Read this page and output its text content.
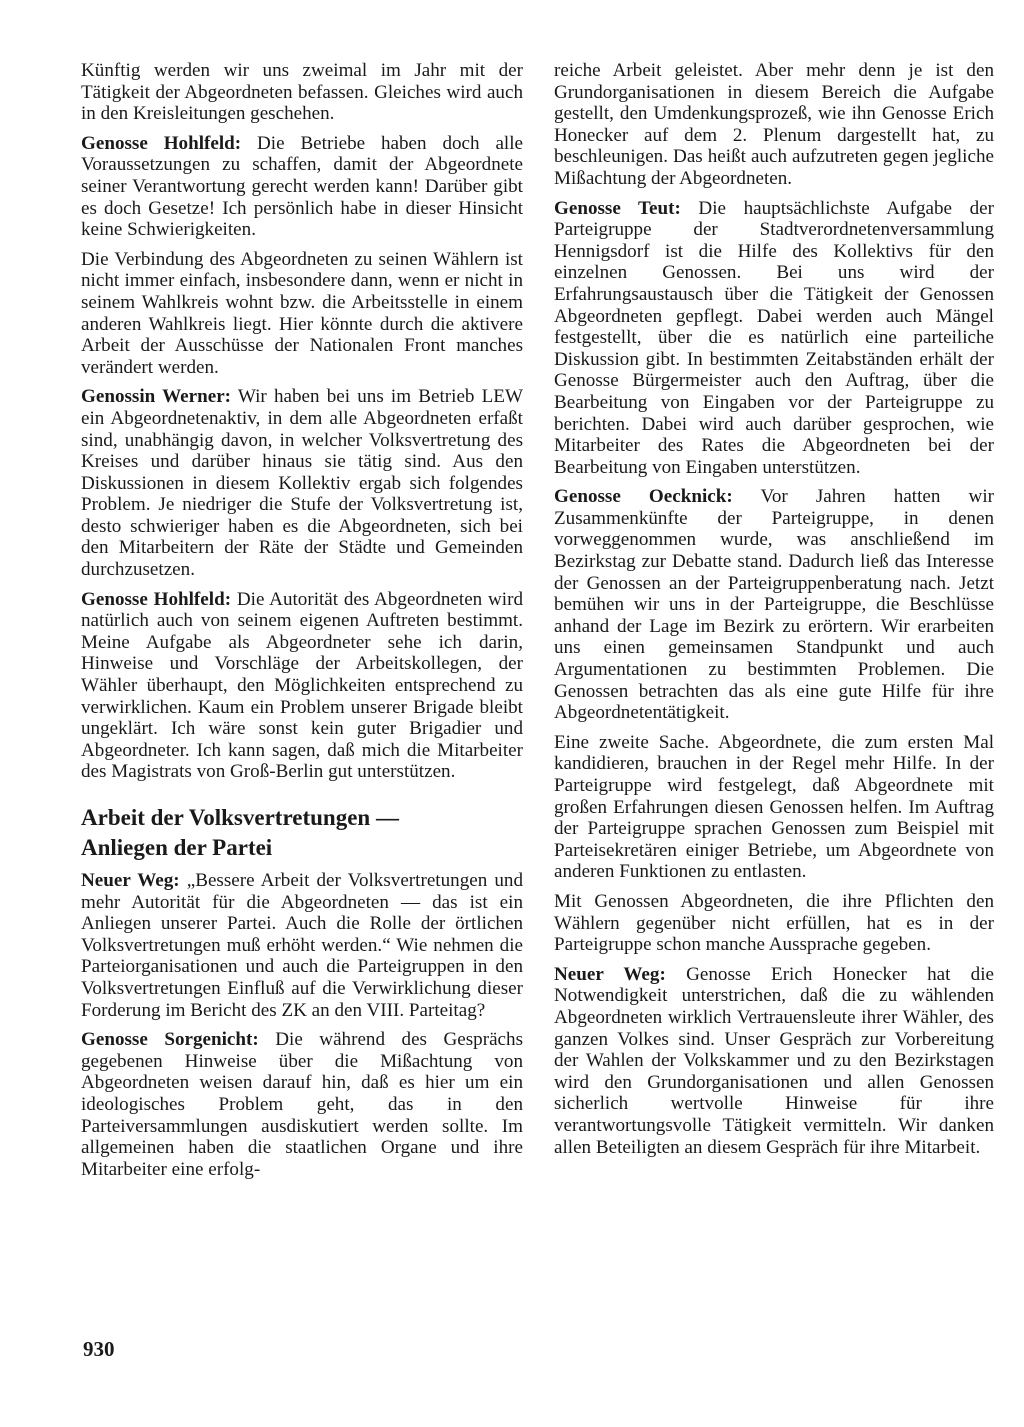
Künftig werden wir uns zweimal im Jahr mit der Tätigkeit der Abgeordneten befassen. Gleiches wird auch in den Kreisleitungen geschehen.

Genosse Hohlfeld: Die Betriebe haben doch alle Voraussetzungen zu schaffen, damit der Abgeordnete seiner Verantwortung gerecht werden kann! Darüber gibt es doch Gesetze! Ich persönlich habe in dieser Hinsicht keine Schwierigkeiten.

Die Verbindung des Abgeordneten zu seinen Wählern ist nicht immer einfach, insbesondere dann, wenn er nicht in seinem Wahlkreis wohnt bzw. die Arbeitsstelle in einem anderen Wahlkreis liegt. Hier könnte durch die aktivere Arbeit der Ausschüsse der Nationalen Front manches verändert werden.

Genossin Werner: Wir haben bei uns im Betrieb LEW ein Abgeordnetenaktiv, in dem alle Abgeordneten erfaßt sind, unabhängig davon, in welcher Volksvertretung des Kreises und darüber hinaus sie tätig sind. Aus den Diskussionen in diesem Kollektiv ergab sich folgendes Problem. Je niedriger die Stufe der Volksvertretung ist, desto schwieriger haben es die Abgeordneten, sich bei den Mitarbeitern der Räte der Städte und Gemeinden durchzusetzen.

Genosse Hohlfeld: Die Autorität des Abgeordneten wird natürlich auch von seinem eigenen Auftreten bestimmt. Meine Aufgabe als Abgeordneter sehe ich darin, Hinweise und Vorschläge der Arbeitskollegen, der Wähler überhaupt, den Möglichkeiten entsprechend zu verwirklichen. Kaum ein Problem unserer Brigade bleibt ungeklärt. Ich wäre sonst kein guter Brigadier und Abgeordneter. Ich kann sagen, daß mich die Mitarbeiter des Magistrats von Groß-Berlin gut unterstützen.

Arbeit der Volksvertretungen —
Anliegen der Partei

Neuer Weg: „Bessere Arbeit der Volksvertretungen und mehr Autorität für die Abgeordneten — das ist ein Anliegen unserer Partei. Auch die Rolle der örtlichen Volksvertretungen muß erhöht werden.“ Wie nehmen die Parteiorganisationen und auch die Parteigruppen in den Volksvertretungen Einfluß auf die Verwirklichung dieser Forderung im Bericht des ZK an den VIII. Parteitag?

Genosse Sorgenicht: Die während des Gesprächs gegebenen Hinweise über die Mißachtung von Abgeordneten weisen darauf hin, daß es hier um ein ideologisches Problem geht, das in den Parteiversammlungen ausdiskutiert werden sollte. Im allgemeinen haben die staatlichen Organe und ihre Mitarbeiter eine erfolg-

reiche Arbeit geleistet. Aber mehr denn je ist den Grundorganisationen in diesem Bereich die Aufgabe gestellt, den Umdenkungsprozeß, wie ihn Genosse Erich Honecker auf dem 2. Plenum dargestellt hat, zu beschleunigen. Das heißt auch aufzutreten gegen jegliche Mißachtung der Abgeordneten.

Genosse Teut: Die hauptsächlichste Aufgabe der Parteigruppe der Stadtverordnetenversammlung Hennigsdorf ist die Hilfe des Kollektivs für den einzelnen Genossen. Bei uns wird der Erfahrungsaustausch über die Tätigkeit der Genossen Abgeordneten gepflegt. Dabei werden auch Mängel festgestellt, über die es natürlich eine parteiliche Diskussion gibt. In bestimmten Zeitabständen erhält der Genosse Bürgermeister auch den Auftrag, über die Bearbeitung von Eingaben vor der Parteigruppe zu berichten. Dabei wird auch darüber gesprochen, wie Mitarbeiter des Rates die Abgeordneten bei der Bearbeitung von Eingaben unterstützen.

Genosse Oecknick: Vor Jahren hatten wir Zusammenkünfte der Parteigruppe, in denen vorweggenommen wurde, was anschließend im Bezirkstag zur Debatte stand. Dadurch ließ das Interesse der Genossen an der Parteigruppenberatung nach. Jetzt bemühen wir uns in der Parteigruppe, die Beschlüsse anhand der Lage im Bezirk zu erörtern. Wir erarbeiten uns einen gemeinsamen Standpunkt und auch Argumentationen zu bestimmten Problemen. Die Genossen betrachten das als eine gute Hilfe für ihre Abgeordnetentätigkeit.

Eine zweite Sache. Abgeordnete, die zum ersten Mal kandidieren, brauchen in der Regel mehr Hilfe. In der Parteigruppe wird festgelegt, daß Abgeordnete mit großen Erfahrungen diesen Genossen helfen. Im Auftrag der Parteigruppe sprachen Genossen zum Beispiel mit Parteisekretären einiger Betriebe, um Abgeordnete von anderen Funktionen zu entlasten.

Mit Genossen Abgeordneten, die ihre Pflichten den Wählern gegenüber nicht erfüllen, hat es in der Parteigruppe schon manche Aussprache gegeben.

Neuer Weg: Genosse Erich Honecker hat die Notwendigkeit unterstrichen, daß die zu wählenden Abgeordneten wirklich Vertrauensleute ihrer Wähler, des ganzen Volkes sind. Unser Gespräch zur Vorbereitung der Wahlen der Volkskammer und zu den Bezirkstagen wird den Grundorganisationen und allen Genossen sicherlich wertvolle Hinweise für ihre verantwortungsvolle Tätigkeit vermitteln. Wir danken allen Beteiligten an diesem Gespräch für ihre Mitarbeit.

930
